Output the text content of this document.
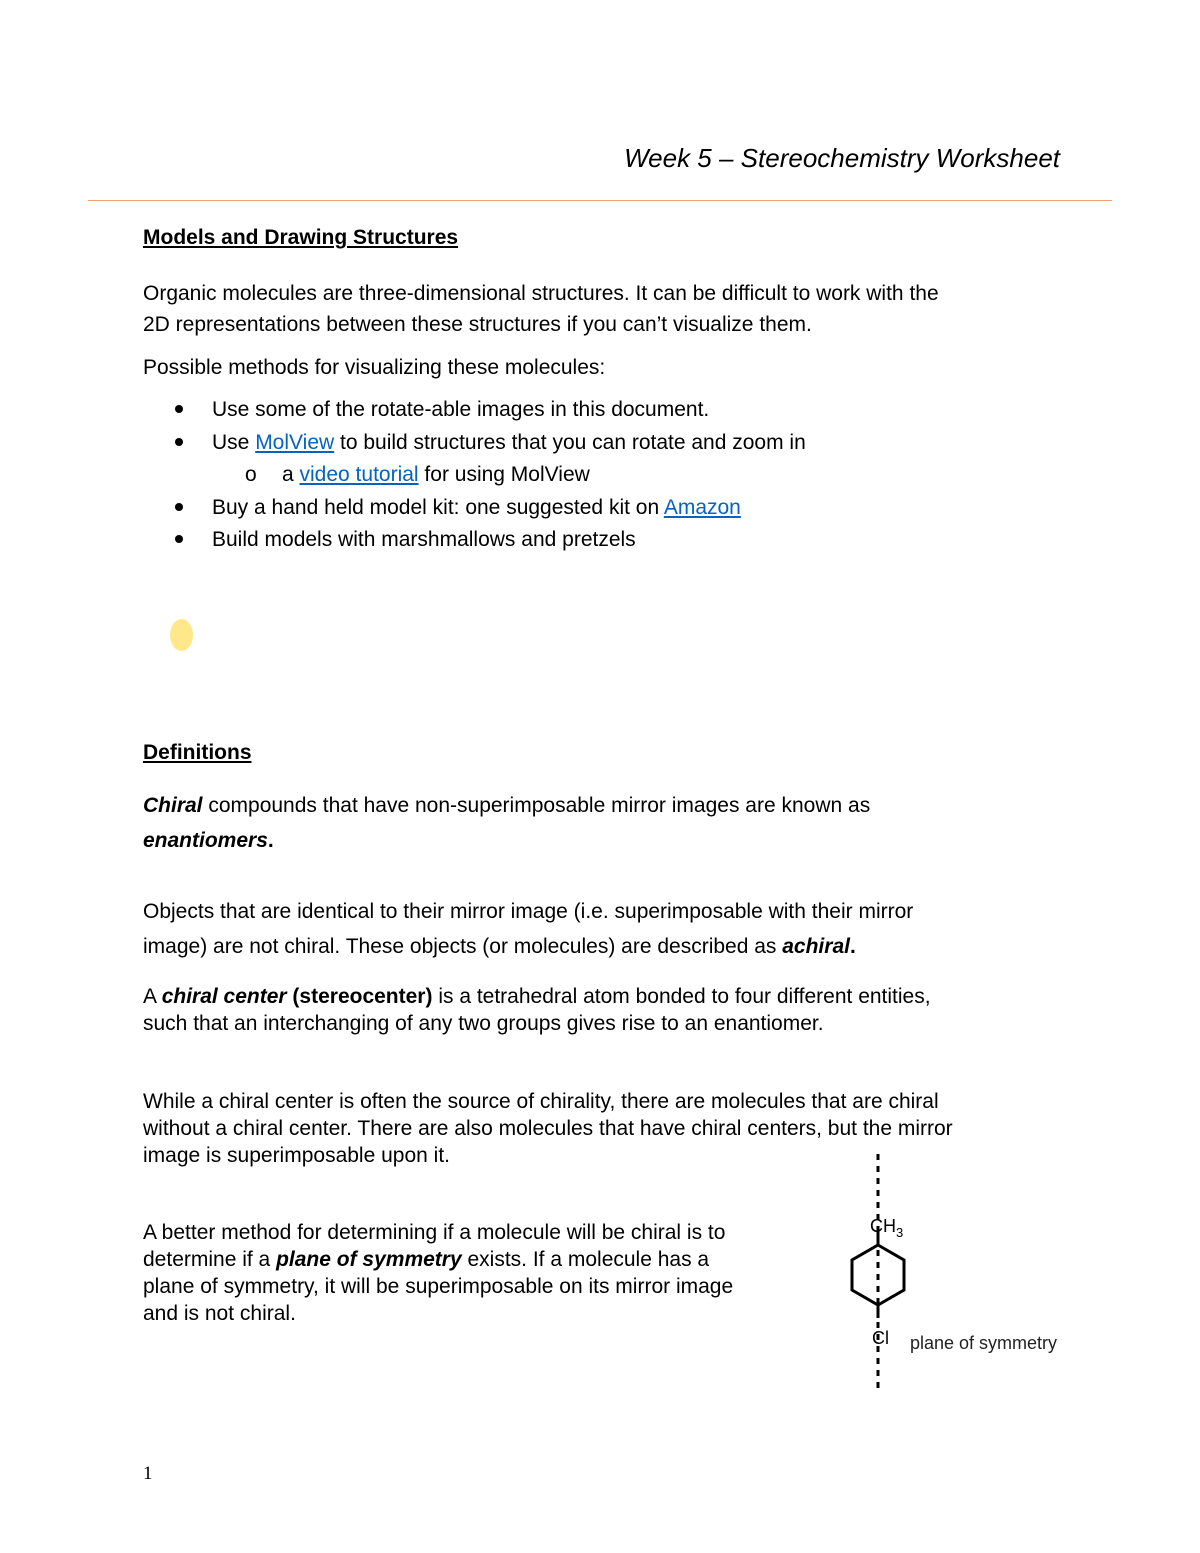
Week 5 – Stereochemistry Worksheet
Models and Drawing Structures
Organic molecules are three-dimensional structures. It can be difficult to work with the
2D representations between these structures if you can’t visualize them.
Possible methods for visualizing these molecules:
Use some of the rotate-able images in this document.
Use MolView to build structures that you can rotate and zoom in
o a video tutorial for using MolView
Buy a hand held model kit: one suggested kit on Amazon
Build models with marshmallows and pretzels
Definitions
Chiral compounds that have non-superimposable mirror images are known as
enantiomers.
Objects that are identical to their mirror image (i.e. superimposable with their mirror
image) are not chiral. These objects (or molecules) are described as achiral.
A chiral center (stereocenter) is a tetrahedral atom bonded to four different entities,
such that an interchanging of any two groups gives rise to an enantiomer.
While a chiral center is often the source of chirality, there are molecules that are chiral
without a chiral center. There are also molecules that have chiral centers, but the mirror
image is superimposable upon it.
A better method for determining if a molecule will be chiral is to
determine if a plane of symmetry exists. If a molecule has a
plane of symmetry, it will be superimposable on its mirror image
and is not chiral.
$CH_3$
Cl plane of symmetry
1
